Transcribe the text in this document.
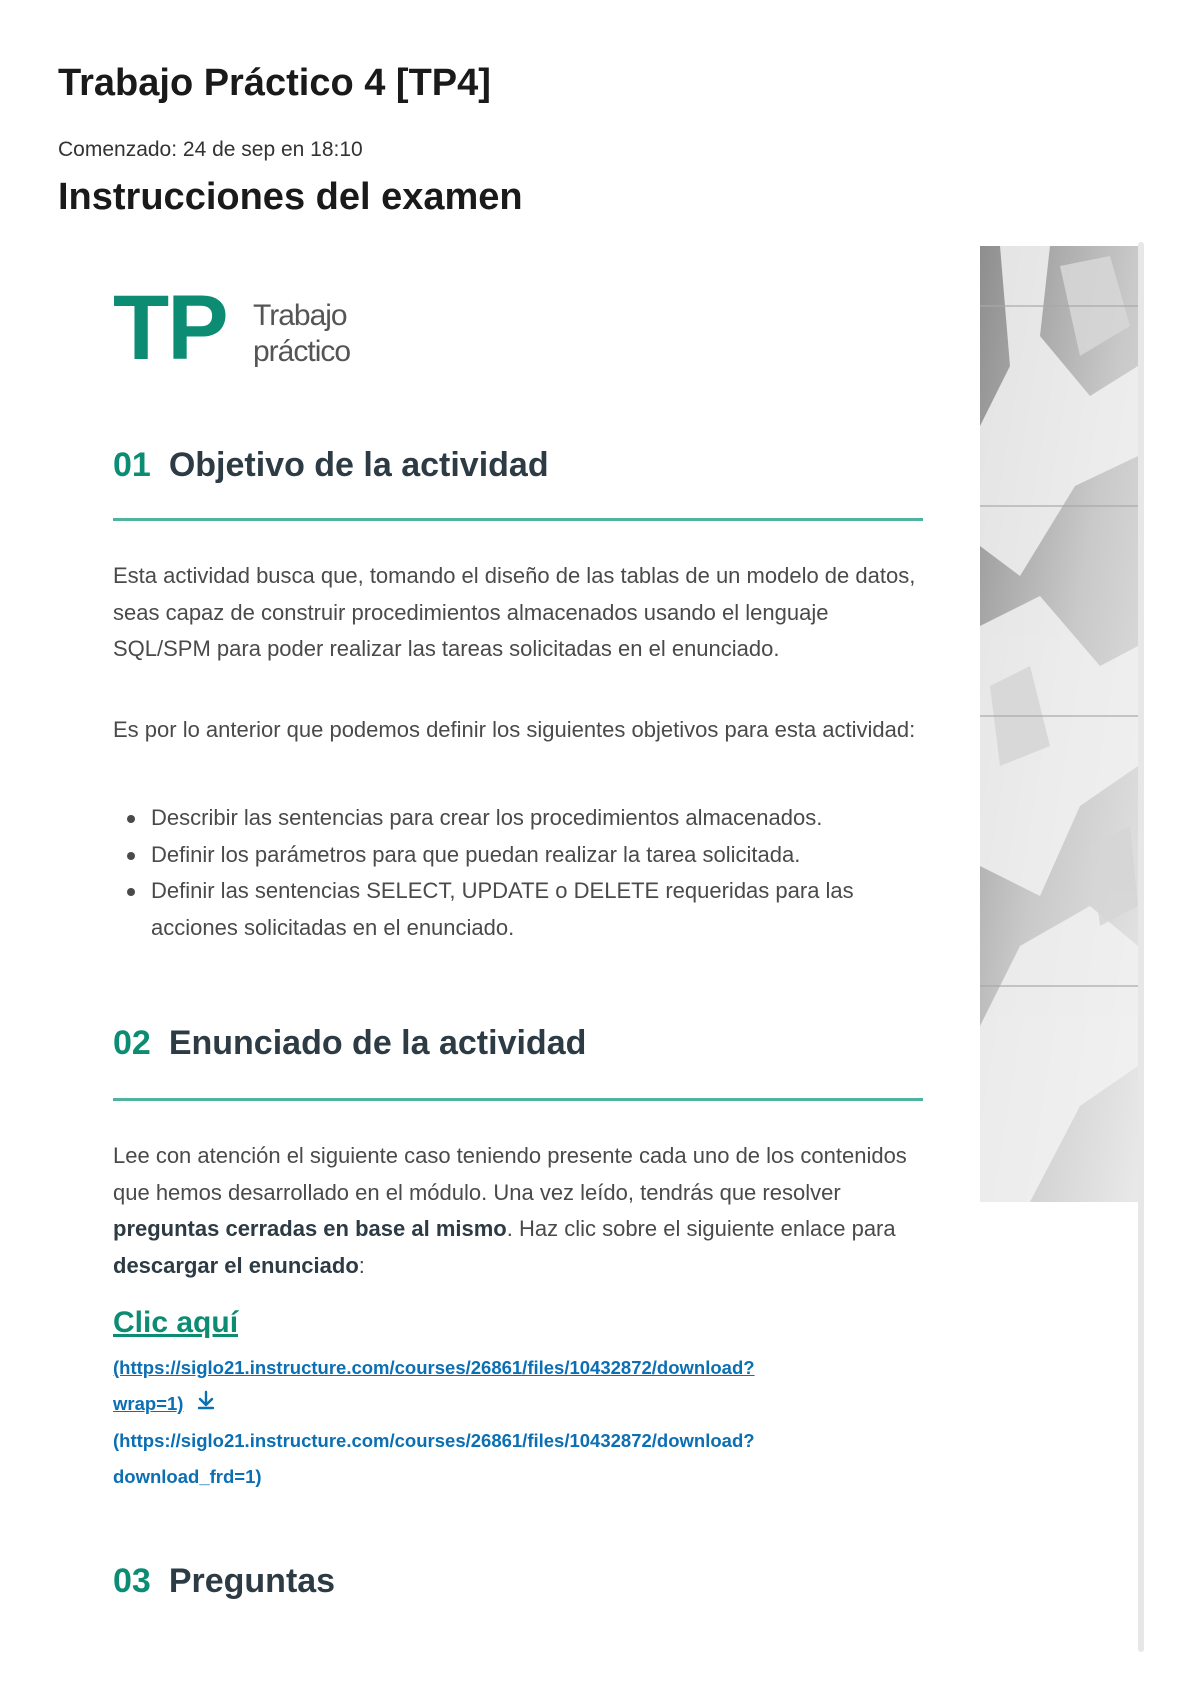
Trabajo Práctico 4 [TP4]
Comenzado: 24 de sep en 18:10
Instrucciones del examen
TP Trabajo
práctico
01 Objetivo de la actividad

Esta actividad busca que, tomando el diseño de las tablas de un modelo de datos, seas capaz de construir procedimientos almacenados usando el lenguaje SQL/SPM para poder realizar las tareas solicitadas en el enunciado.

Es por lo anterior que podemos definir los siguientes objetivos para esta actividad:

Describir las sentencias para crear los procedimientos almacenados.
Definir los parámetros para que puedan realizar la tarea solicitada.
Definir las sentencias SELECT, UPDATE o DELETE requeridas para las acciones solicitadas en el enunciado.
02 Enunciado de la actividad

Lee con atención el siguiente caso teniendo presente cada uno de los contenidos que hemos desarrollado en el módulo. Una vez leído, tendrás que resolver preguntas cerradas en base al mismo. Haz clic sobre el siguiente enlace para descargar el enunciado:

Clic aquí
(https://siglo21.instructure.com/courses/26861/files/10432872/download?
wrap=1)
(https://siglo21.instructure.com/courses/26861/files/10432872/download?
download_frd=1)
03 Preguntas
